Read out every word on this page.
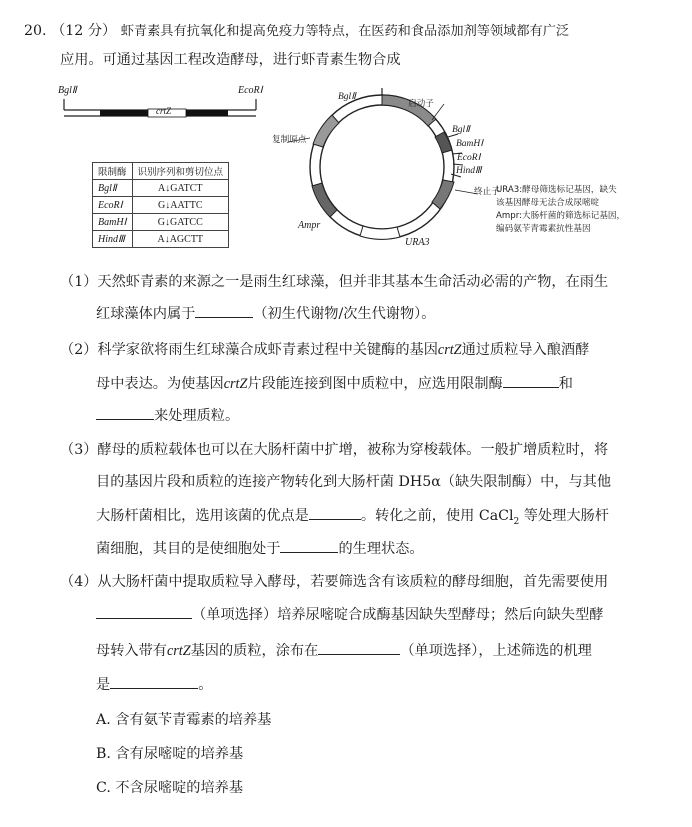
20. （12 分） 虾青素具有抗氧化和提高免疫力等特点，在医药和食品添加剂等领域都有广泛
应用。可通过基因工程改造酵母，进行虾青素生物合成
BglⅡ	EcoRⅠ
crtZ
限制酶	识别序列和剪切位点
BglⅡ	A↓GATCT
EcoRⅠ	G↓AATTC
BamHⅠ	G↓GATCC
HindⅢ	A↓AGCTT
BglⅡ
启动子
复制原点
BglⅡ
BamHⅠ
EcoRⅠ
HindⅢ
终止子
Ampr
URA3
URA3:酵母筛选标记基因，缺失
该基因酵母无法合成尿嘧啶
Ampr:大肠杆菌的筛选标记基因，
编码氨苄青霉素抗性基因
（1）天然虾青素的来源之一是雨生红球藻，但并非其基本生命活动必需的产物，在雨生
红球藻体内属于	（初生代谢物/次生代谢物）。
（2）科学家欲将雨生红球藻合成虾青素过程中关键酶的基因crtZ通过质粒导入酿酒酵
母中表达。为使基因crtZ片段能连接到图中质粒中，应选用限制酶	和
来处理质粒。
（3）酵母的质粒载体也可以在大肠杆菌中扩增，被称为穿梭载体。一般扩增质粒时，将
目的基因片段和质粒的连接产物转化到大肠杆菌 DH5α（缺失限制酶）中，与其他
大肠杆菌相比，选用该菌的优点是	。转化之前，使用 CaCl$_2$ 等处理大肠杆
菌细胞，其目的是使细胞处于	的生理状态。
（4）从大肠杆菌中提取质粒导入酵母，若要筛选含有该质粒的酵母细胞，首先需要使用
（单项选择）培养尿嘧啶合成酶基因缺失型酵母；然后向缺失型酵
母转入带有crtZ基因的质粒，涂布在	（单项选择），上述筛选的机理
是	。
A. 含有氨苄青霉素的培养基
B. 含有尿嘧啶的培养基
C. 不含尿嘧啶的培养基
